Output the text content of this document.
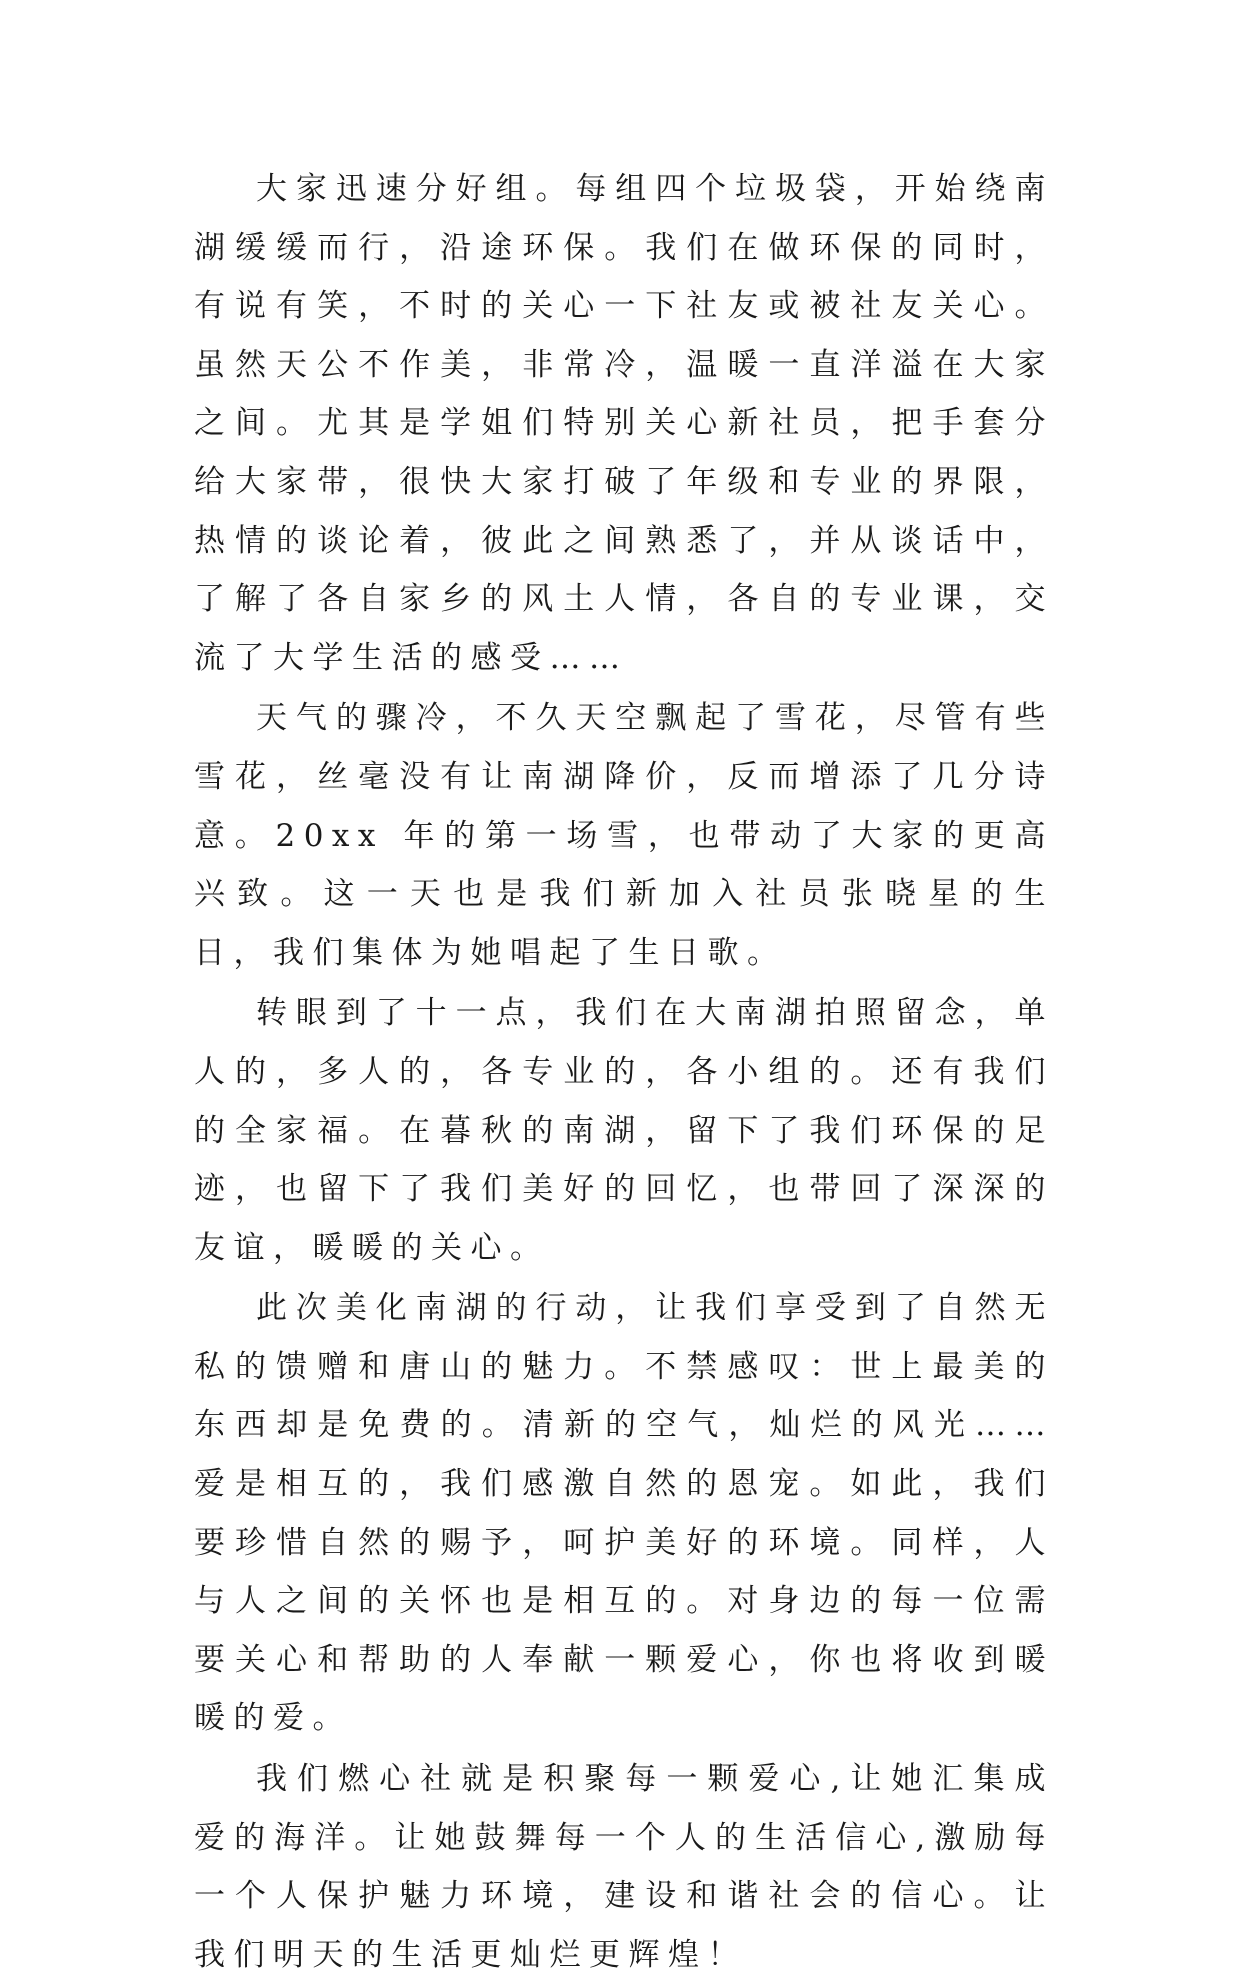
大家迅速分好组。每组四个垃圾袋，开始绕南湖缓缓而行，沿途环保。我们在做环保的同时，有说有笑，不时的关心一下社友或被社友关心。虽然天公不作美，非常冷，温暖一直洋溢在大家之间。尤其是学姐们特别关心新社员，把手套分给大家带，很快大家打破了年级和专业的界限，热情的谈论着，彼此之间熟悉了，并从谈话中，了解了各自家乡的风土人情，各自的专业课，交流了大学生活的感受……

天气的骤冷，不久天空飘起了雪花，尽管有些雪花，丝毫没有让南湖降价，反而增添了几分诗意。20xx 年的第一场雪，也带动了大家的更高兴致。这一天也是我们新加入社员张晓星的生日，我们集体为她唱起了生日歌。

转眼到了十一点，我们在大南湖拍照留念，单人的，多人的，各专业的，各小组的。还有我们的全家福。在暮秋的南湖，留下了我们环保的足迹，也留下了我们美好的回忆，也带回了深深的友谊，暖暖的关心。

此次美化南湖的行动，让我们享受到了自然无私的馈赠和唐山的魅力。不禁感叹：世上最美的东西却是免费的。清新的空气，灿烂的风光……爱是相互的，我们感激自然的恩宠。如此，我们要珍惜自然的赐予，呵护美好的环境。同样，人与人之间的关怀也是相互的。对身边的每一位需要关心和帮助的人奉献一颗爱心，你也将收到暖暖的爱。

我们燃心社就是积聚每一颗爱心,让她汇集成爱的海洋。让她鼓舞每一个人的生活信心,激励每一个人保护魅力环境，建设和谐社会的信心。让我们明天的生活更灿烂更辉煌！
